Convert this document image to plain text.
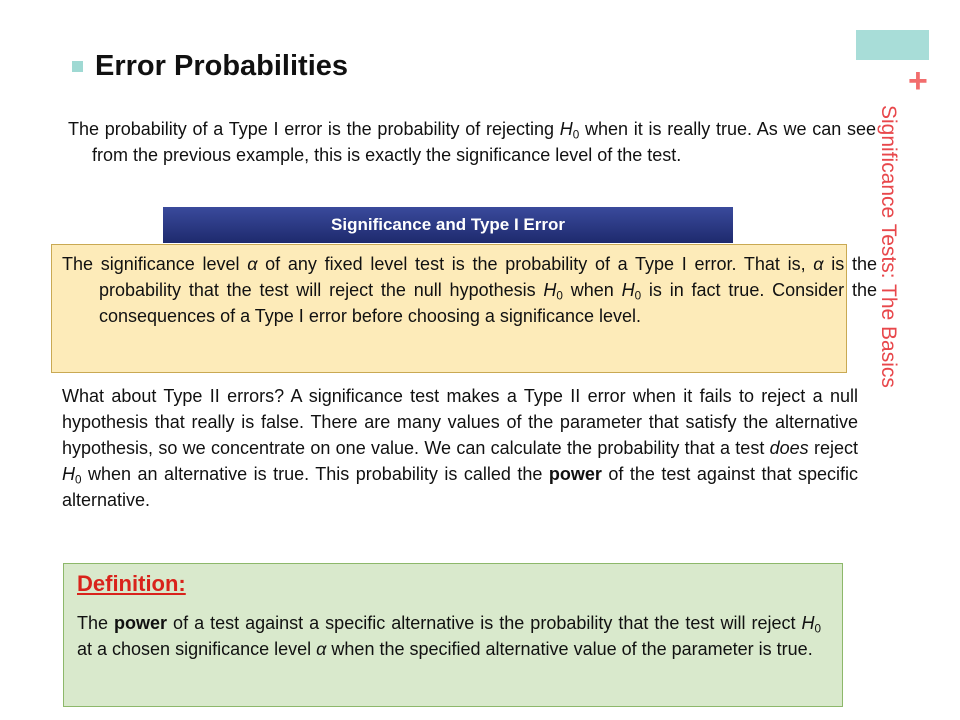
+
Significance Tests: The Basics
Error Probabilities

The probability of a Type I error is the probability of rejecting $H_0$ when it is really true. As we can see from the previous example, this is exactly the significance level of the test.

Significance and Type I Error

The significance level α of any fixed level test is the probability of a Type I error. That is, α is the probability that the test will reject the null hypothesis $H_0$ when $H_0$ is in fact true. Consider the consequences of a Type I error before choosing a significance level.

What about Type II errors? A significance test makes a Type II error when it fails to reject a null hypothesis that really is false. There are many values of the parameter that satisfy the alternative hypothesis, so we concentrate on one value. We can calculate the probability that a test does reject $H_0$ when an alternative is true. This probability is called the power of the test against that specific alternative.

Definition:

The power of a test against a specific alternative is the probability that the test will reject $H_0$ at a chosen significance level α when the specified alternative value of the parameter is true.
